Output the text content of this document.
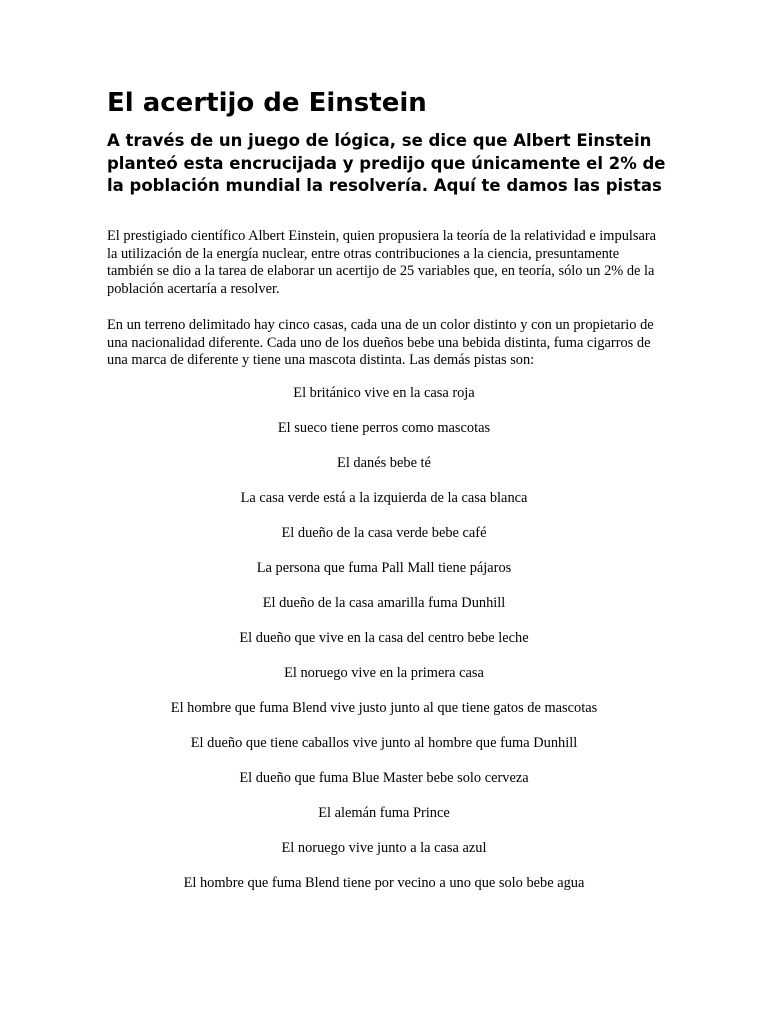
El acertijo de Einstein
A través de un juego de lógica, se dice que Albert Einstein planteó esta encrucijada y predijo que únicamente el 2% de la población mundial la resolvería. Aquí te damos las pistas

El prestigiado científico Albert Einstein, quien propusiera la teoría de la relatividad e impulsara la utilización de la energía nuclear, entre otras contribuciones a la ciencia, presuntamente también se dio a la tarea de elaborar un acertijo de 25 variables que, en teoría, sólo un 2% de la población acertaría a resolver.

En un terreno delimitado hay cinco casas, cada una de un color distinto y con un propietario de una nacionalidad diferente. Cada uno de los dueños bebe una bebida distinta, fuma cigarros de una marca de diferente y tiene una mascota distinta. Las demás pistas son:

El británico vive en la casa roja
El sueco tiene perros como mascotas
El danés bebe té
La casa verde está a la izquierda de la casa blanca
El dueño de la casa verde bebe café
La persona que fuma Pall Mall tiene pájaros
El dueño de la casa amarilla fuma Dunhill
El dueño que vive en la casa del centro bebe leche
El noruego vive en la primera casa
El hombre que fuma Blend vive justo junto al que tiene gatos de mascotas
El dueño que tiene caballos vive junto al hombre que fuma Dunhill
El dueño que fuma Blue Master bebe solo cerveza
El alemán fuma Prince
El noruego vive junto a la casa azul
El hombre que fuma Blend tiene por vecino a uno que solo bebe agua
